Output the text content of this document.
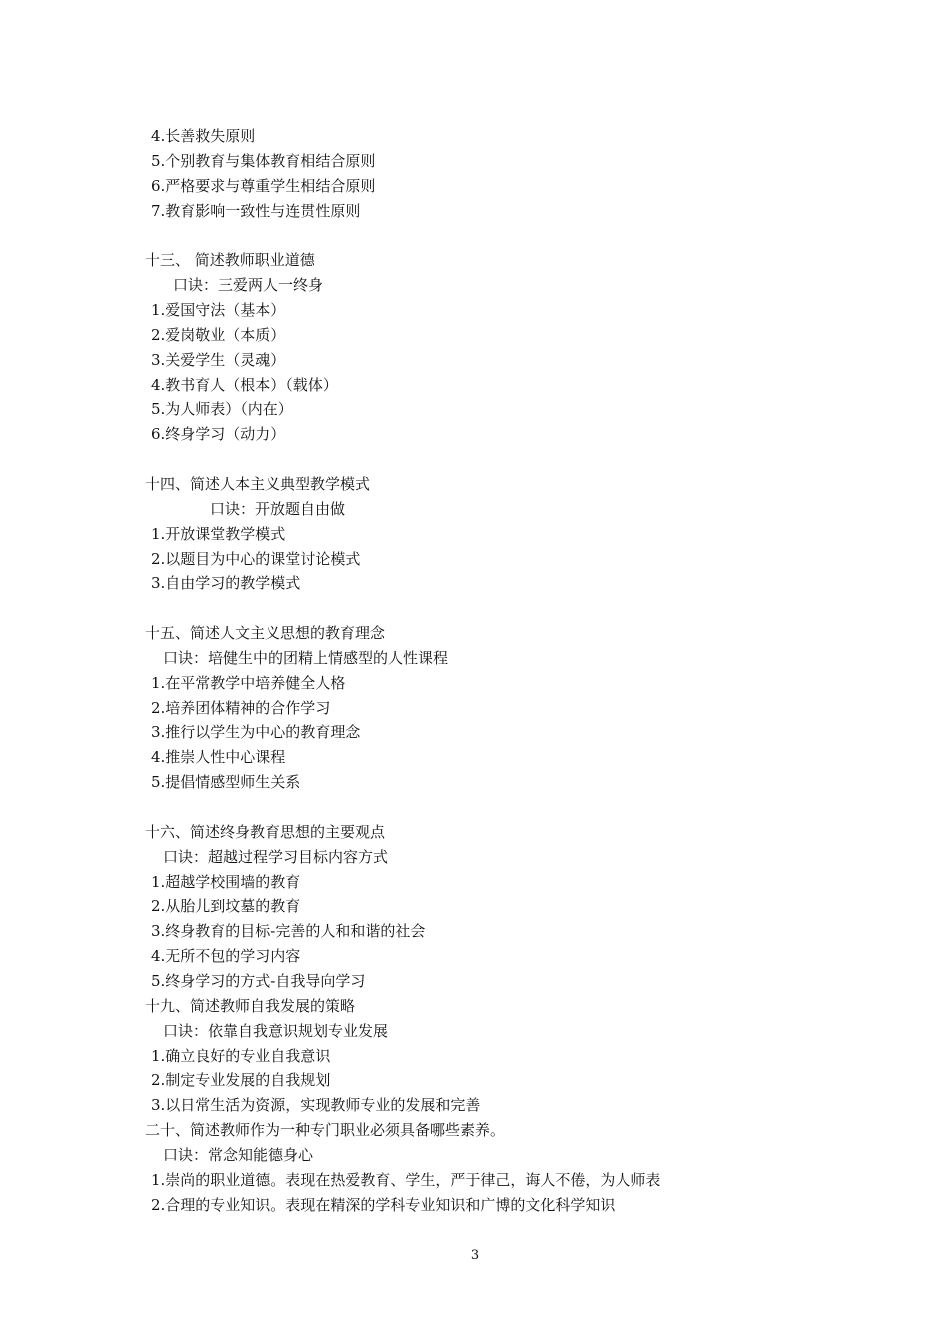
4.长善救失原则
5.个别教育与集体教育相结合原则
6.严格要求与尊重学生相结合原则
7.教育影响一致性与连贯性原则
十三、 简述教师职业道德
口诀：三爱两人一终身
1.爱国守法（基本）
2.爱岗敬业（本质）
3.关爱学生（灵魂）
4.教书育人（根本）（载体）
5.为人师表）（内在）
6.终身学习（动力）
十四、简述人本主义典型教学模式
口诀：开放题自由做
1.开放课堂教学模式
2.以题目为中心的课堂讨论模式
3.自由学习的教学模式
十五、简述人文主义思想的教育理念
口诀：培健生中的团精上情感型的人性课程
1.在平常教学中培养健全人格
2.培养团体精神的合作学习
3.推行以学生为中心的教育理念
4.推崇人性中心课程
5.提倡情感型师生关系
十六、简述终身教育思想的主要观点
口诀：超越过程学习目标内容方式
1.超越学校围墙的教育
2.从胎儿到坟墓的教育
3.终身教育的目标-完善的人和和谐的社会
4.无所不包的学习内容
5.终身学习的方式-自我导向学习
十九、简述教师自我发展的策略
口诀：依靠自我意识规划专业发展
1.确立良好的专业自我意识
2.制定专业发展的自我规划
3.以日常生活为资源，实现教师专业的发展和完善
二十、简述教师作为一种专门职业必须具备哪些素养。
口诀：常念知能德身心
1.崇尚的职业道德。表现在热爱教育、学生，严于律己，诲人不倦，为人师表
2.合理的专业知识。表现在精深的学科专业知识和广博的文化科学知识
3
